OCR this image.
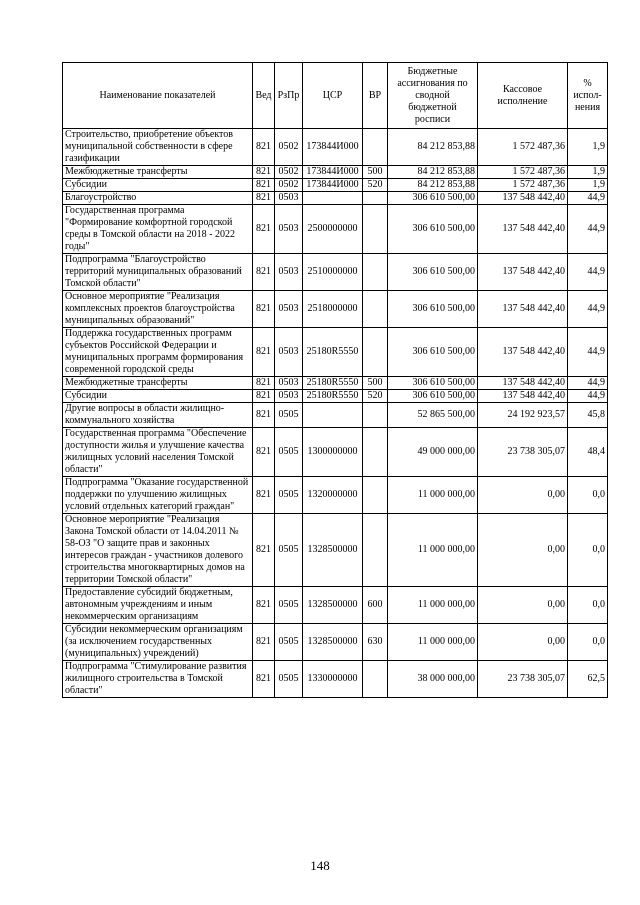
Наименование показателей	Вед	РзПр	ЦСР	ВР	Бюджетные ассигнования по сводной бюджетной росписи	Кассовое исполнение	% испол-нения
Строительство, приобретение объектов муниципальной собственности в сфере газификации	821	0502	173844И000		84 212 853,88	1 572 487,36	1,9
Межбюджетные трансферты	821	0502	173844И000	500	84 212 853,88	1 572 487,36	1,9
Субсидии	821	0502	173844И000	520	84 212 853,88	1 572 487,36	1,9
Благоустройство	821	0503			306 610 500,00	137 548 442,40	44,9
Государственная программа "Формирование комфортной городской среды в Томской области на 2018 - 2022 годы"	821	0503	2500000000		306 610 500,00	137 548 442,40	44,9
Подпрограмма "Благоустройство территорий муниципальных образований Томской области"	821	0503	2510000000		306 610 500,00	137 548 442,40	44,9
Основное мероприятие "Реализация комплексных проектов благоустройства муниципальных образований"	821	0503	2518000000		306 610 500,00	137 548 442,40	44,9
Поддержка государственных программ субъектов Российской Федерации и муниципальных программ формирования современной городской среды	821	0503	25180R5550		306 610 500,00	137 548 442,40	44,9
Межбюджетные трансферты	821	0503	25180R5550	500	306 610 500,00	137 548 442,40	44,9
Субсидии	821	0503	25180R5550	520	306 610 500,00	137 548 442,40	44,9
Другие вопросы в области жилищно-коммунального хозяйства	821	0505			52 865 500,00	24 192 923,57	45,8
Государственная программа "Обеспечение доступности жилья и улучшение качества жилищных условий населения Томской области"	821	0505	1300000000		49 000 000,00	23 738 305,07	48,4
Подпрограмма "Оказание государственной поддержки по улучшению жилищных условий отдельных категорий граждан"	821	0505	1320000000		11 000 000,00	0,00	0,0
Основное мероприятие "Реализация Закона Томской области от 14.04.2011 № 58-ОЗ "О защите прав и законных интересов граждан - участников долевого строительства многоквартирных домов на территории Томской области"	821	0505	1328500000		11 000 000,00	0,00	0,0
Предоставление субсидий бюджетным, автономным учреждениям и иным некоммерческим организациям	821	0505	1328500000	600	11 000 000,00	0,00	0,0
Субсидии некоммерческим организациям (за исключением государственных (муниципальных) учреждений)	821	0505	1328500000	630	11 000 000,00	0,00	0,0
Подпрограмма "Стимулирование развития жилищного строительства в Томской области"	821	0505	1330000000		38 000 000,00	23 738 305,07	62,5
148
